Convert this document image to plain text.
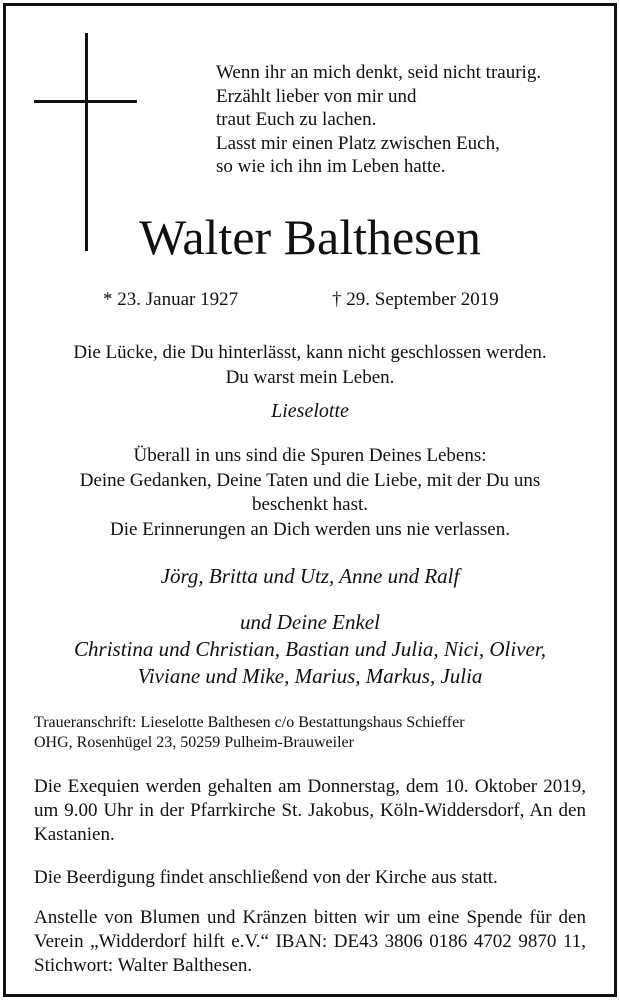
Wenn ihr an mich denkt, seid nicht traurig.
Erzählt lieber von mir und
traut Euch zu lachen.
Lasst mir einen Platz zwischen Euch,
so wie ich ihn im Leben hatte.
Walter Balthesen
* 23. Januar 1927	† 29. September 2019
Die Lücke, die Du hinterlässt, kann nicht geschlossen werden.
Du warst mein Leben.
Lieselotte
Überall in uns sind die Spuren Deines Lebens:
Deine Gedanken, Deine Taten und die Liebe, mit der Du uns
beschenkt hast.
Die Erinnerungen an Dich werden uns nie verlassen.
Jörg, Britta und Utz, Anne und Ralf
und Deine Enkel
Christina und Christian, Bastian und Julia, Nici, Oliver,
Viviane und Mike, Marius, Markus, Julia
Traueranschrift: Lieselotte Balthesen c/o Bestattungshaus Schieffer
OHG, Rosenhügel 23, 50259 Pulheim-Brauweiler
Die Exequien werden gehalten am Donnerstag, dem 10. Oktober 2019, um 9.00 Uhr in der Pfarrkirche St. Jakobus, Köln-Widdersdorf, An den Kastanien.
Die Beerdigung findet anschließend von der Kirche aus statt.
Anstelle von Blumen und Kränzen bitten wir um eine Spende für den Verein „Widderdorf hilft e.V.“ IBAN: DE43 3806 0186 4702 9870 11, Stichwort: Walter Balthesen.
